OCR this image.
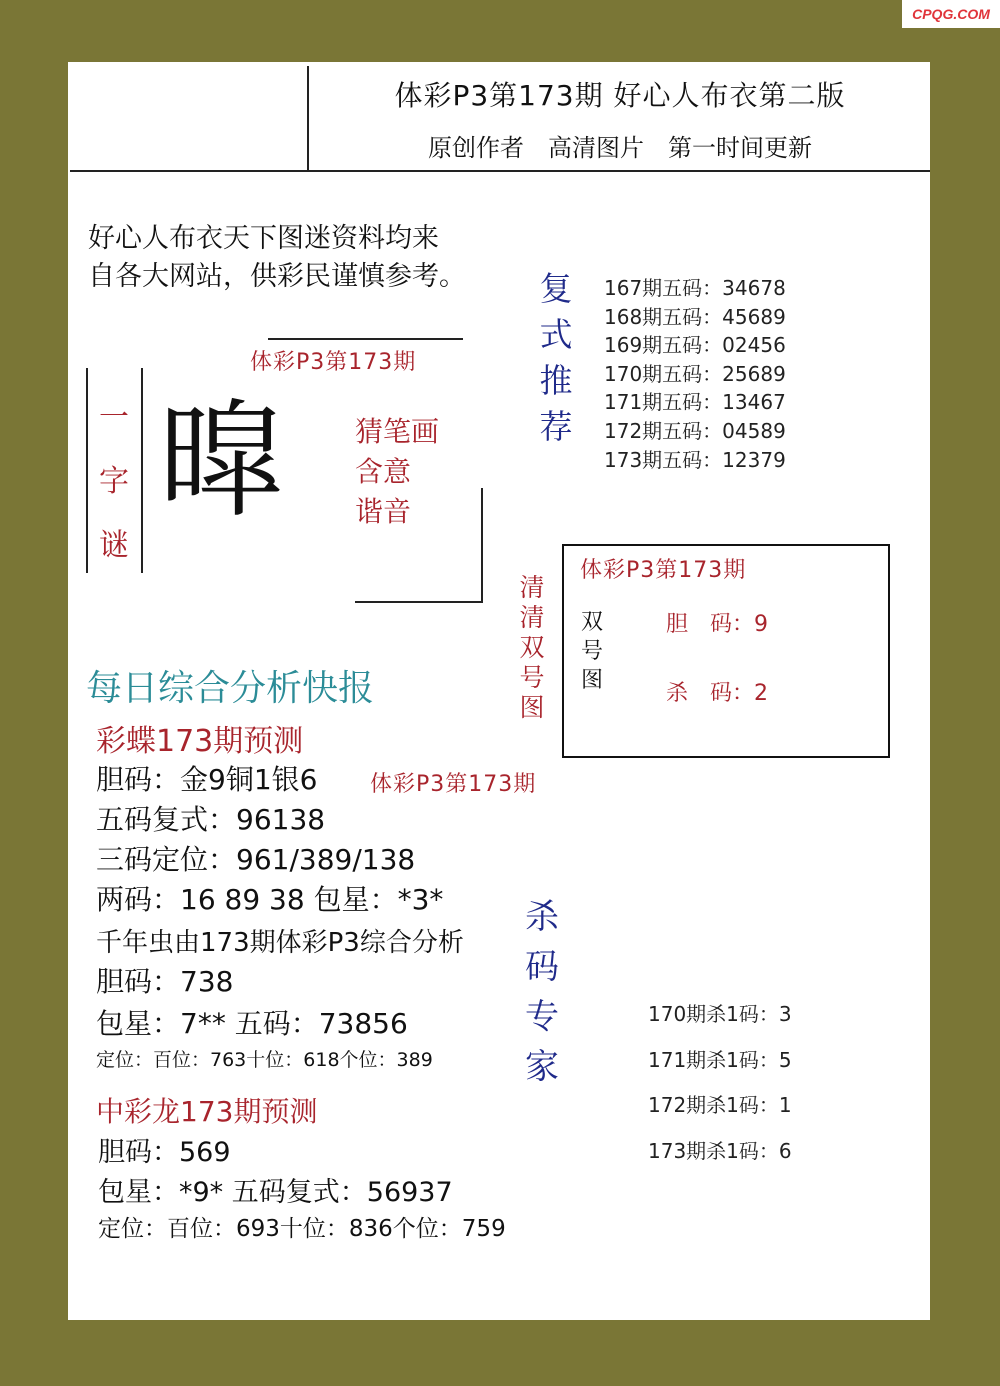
CPQG.COM
体彩P3第173期 好心人布衣第二版
原创作者　高清图片　第一时间更新
好心人布衣天下图迷资料均来
自各大网站，供彩民谨慎参考。
体彩P3第173期
一
字
谜
暭	猜笔画
含意
谐音
复
式
推
荐
167期五码：34678
168期五码：45689
169期五码：02456
170期五码：25689
171期五码：13467
172期五码：04589
173期五码：12379
清
清
双
号
图
体彩P3第173期
双
号
图
胆　码：9
杀　码：2
每日综合分析快报
彩蝶173期预测
胆码：金9铜1银6
五码复式：96138
三码定位：961/389/138
两码：16 89 38 包星：*3*
体彩P3第173期
千年虫由173期体彩P3综合分析
胆码：738
包星：7** 五码：73856
定位：百位：763十位：618个位：389
中彩龙173期预测
胆码：569
包星：*9* 五码复式：56937
定位：百位：693十位：836个位：759
杀
码
专
家
170期杀1码：3
171期杀1码：5
172期杀1码：1
173期杀1码：6
